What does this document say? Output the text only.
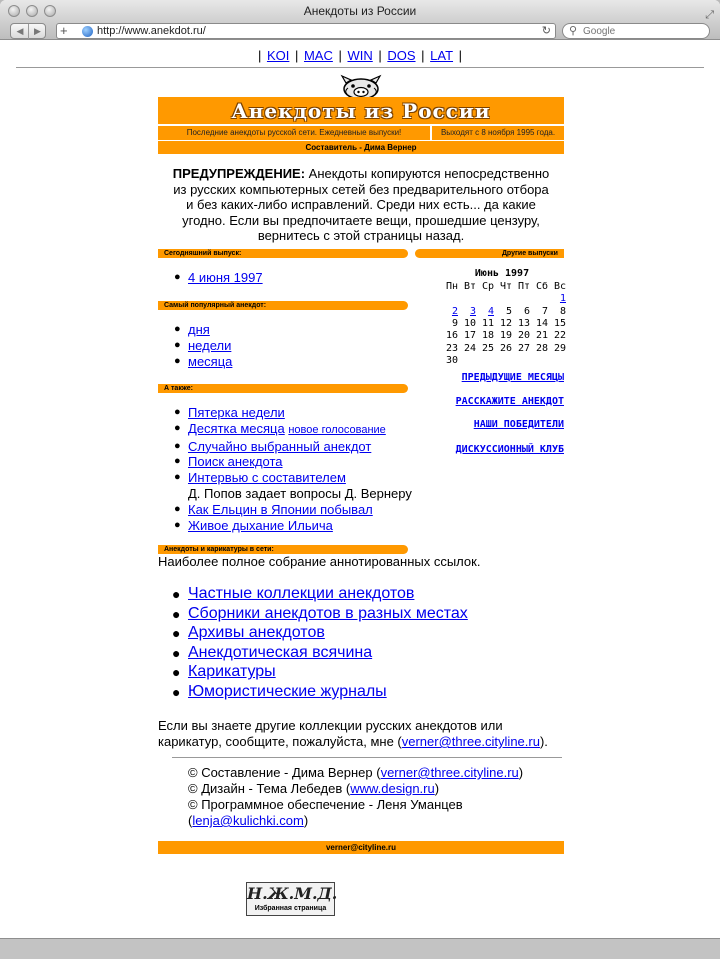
Анекдоты из России	⤢
◀	▶	+	http://www.anekdot.ru/	↻ ⚲
Google
| KOI | MAC | WIN | DOS | LAT |
Анекдоты из России
Последние анекдоты русской сети. Ежедневные выпуски!	Выходят с 8 ноября 1995 года.
Составитель - Дима Вернер
ПРЕДУПРЕЖДЕНИЕ: Анекдоты копируются непосредственно из русских компьютерных сетей без предварительного отбора и без каких-либо исправлений. Среди них есть... да какие угодно. Если вы предпочитаете вещи, прошедшие цензуру, вернитесь с этой страницы назад.
Сегодняшний выпуск:
● 4 июня 1997
Самый популярный анекдот:
● дня
● недели
● месяца
А также:
● Пятерка недели
● Десятка месяца новое голосование
● Случайно выбранный анекдот
● Поиск анекдота
● Интервью с составителем
Д. Попов задает вопросы Д. Вернеру
● Как Ельцин в Японии побывал
● Живое дыхание Ильича
Анекдоты и карикатуры в сети:
Наиболее полное собрание аннотированных ссылок.
● Частные коллекции анекдотов
● Сборники анекдотов в разных местах
● Архивы анекдотов
● Анекдотическая всячина
● Карикатуры
● Юмористические журналы
Если вы знаете другие коллекции русских анекдотов или карикатур, сообщите, пожалуйста, мне (verner@three.cityline.ru).
© Составление - Дима Вернер (verner@three.cityline.ru)
© Дизайн - Тема Лебедев (www.design.ru)
© Программное обеспечение - Леня Уманцев (lenja@kulichki.com)
verner@cityline.ru
Н.Ж.М.Д.
Избранная страница
Другие выпуски
Июнь 1997
Пн	Вт	Ср	Чт	Пт	Сб	Вс
						1
2	3	4	5	6	7	8
9	10	11	12	13	14	15
16	17	18	19	20	21	22
23	24	25	26	27	28	29
30						
ПРЕДЫДУЩИЕ МЕСЯЦЫ
РАССКАЖИТЕ АНЕКДОТ
НАШИ ПОБЕДИТЕЛИ
ДИСКУССИОННЫЙ КЛУБ
